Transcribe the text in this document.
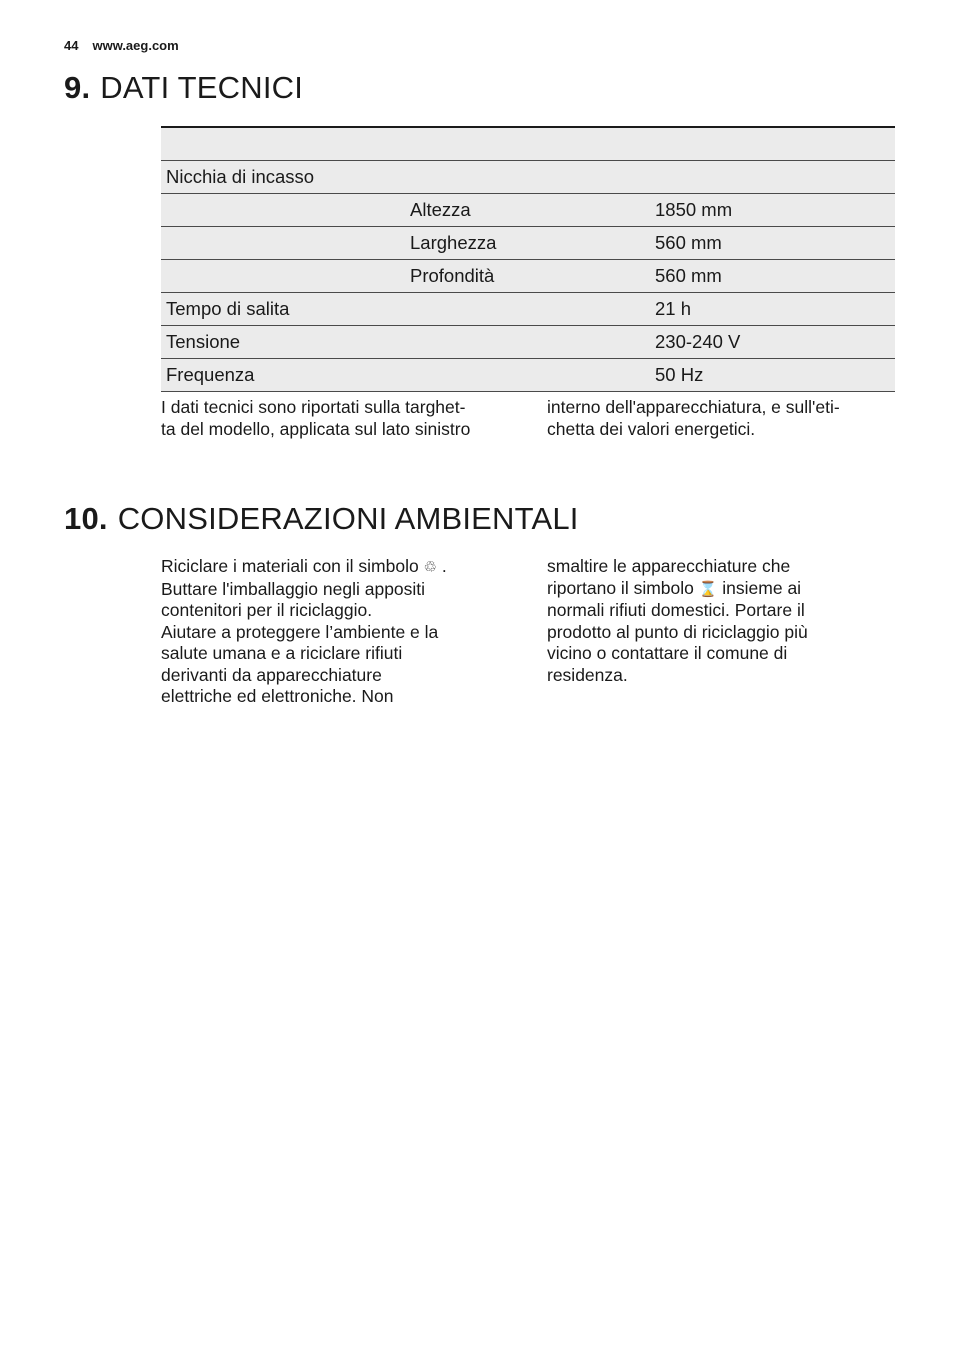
44 www.aeg.com
9. DATI TECNICI

Nicchia di incasso		
	Altezza	1850 mm
	Larghezza	560 mm
	Profondità	560 mm
Tempo di salita		21 h
Tensione		230-240 V
Frequenza		50 Hz

I dati tecnici sono riportati sulla targhet-

ta del modello, applicata sul lato sinistro

interno dell'apparecchiatura, e sull'eti-

chetta dei valori energetici.

10. CONSIDERAZIONI AMBIENTALI

Riciclare i materiali con il simbolo ♲ .

Buttare l'imballaggio negli appositi

contenitori per il riciclaggio.

Aiutare a proteggere l’ambiente e la

salute umana e a riciclare rifiuti

derivanti da apparecchiature

elettriche ed elettroniche. Non

smaltire le apparecchiature che

riportano il simbolo ⌛ insieme ai

normali rifiuti domestici. Portare il

prodotto al punto di riciclaggio più

vicino o contattare il comune di

residenza.
